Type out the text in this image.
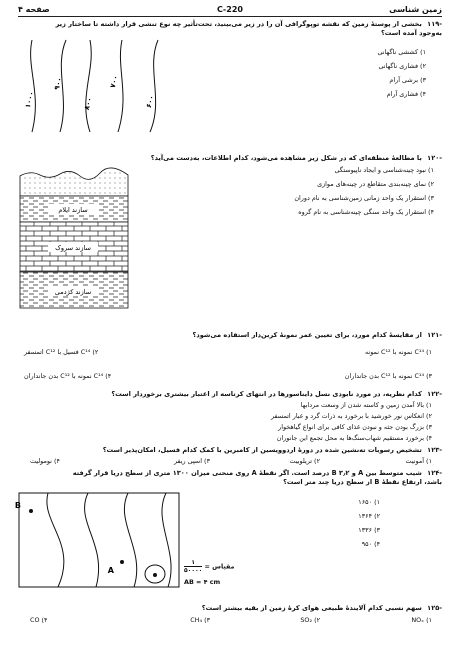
زمین شناسی
220-C
صفحه ۴
-۱۱۹ بخشی از پوستهٔ زمین که نقشه توپوگرافی آن را در زیر می‌بینید، تحت‌تأثیر چه نوع تنشی قرار داشته تا ساختار زیر
به‌وجود آمده است؟
۱۰۰۰
۹۰۰
۸۰۰
۷۰۰
۶۰۰
۱) کششی ناگهانی
۲) فشاری ناگهانی
۳) برشی آرام
۴) فشاری آرام
-۱۲۰ با مطالعهٔ منطقه‌ای که در شکل زیر مشاهده می‌شود، کدام اطلاعات، به‌دست می‌آید؟
سازند ایلام
سازند سروک
سازند کژدمی
۱) نبود چینه‌شناسی و ایجاد ناپیوستگی
۲) نمای چینه‌بندی متقاطع در چینه‌های موازی
۳) استقرار یک واحد زمانی زمین‌شناسی به نام دوران
۴) استقرار یک واحد سنگی چینه‌شناسی به نام گروه
-۱۲۱ از مقایسهٔ کدام مورد، برای تعیین عمر نمونهٔ کربن‌دار استفاده می‌شود؟
۱) C¹⁴ نمونه با C¹² نمونه
۲) C¹⁴ فسیل با C¹² اتمسفر
۳) C¹⁴ نمونه با C¹² بدن جانداران
۴) C¹⁴ نمونه با C¹² بدن جانداران
-۱۲۲ کدام نظریه، در مورد نابودی نسل دایناسورها در انتهای کرتاسه از اعتبار بیشتری برخوردار است؟
۱) بالا آمدن زمین و کاسته شدن از وسعت مردابها
۲) انعکاس نور خورشید با برخورد به ذرات گرد و غبار اتمسفر
۳) بزرگ بودن جثه و نبودن غذای کافی برای انواع گیاهخوار
۴) برخورد مستقیم شهاب‌سنگ‌ها به محل تجمع این جانوران
-۱۲۳ تشخیص رسوبات ته‌نشین شده در دورهٔ اردوویسین از کامبرین با کمک کدام فسیل، امکان‌پذیر است؟
۱) آمونیت
۲) تریلوبیت
۳) اسپی ریفر
۴) نومولیت
-۱۲۴ شیب متوسط بین A و B ۳٫۲ درصد است. اگر نقطهٔ A روی منحنی میزان ۱۳۰۰ متری از سطح دریا قرار گرفته
باشد، ارتفاع نقطهٔ B از سطح دریا چند متر است؟
B
A	مقیاس =
$\frac{۱}{۵۰۰۰۰}$
AB = ۴ cm
۱) ۱۶۵۰
۲) ۱۳۶۴
۳) ۱۳۳۶
۴) ۹۵۰
-۱۲۵ سهم نسبی کدام آلایندهٔ طبیعی هوای کرهٔ زمین از بقیه بیشتر است؟
۱) NOₓ
۲) SO₂
۳) CH₄
۴) CO
